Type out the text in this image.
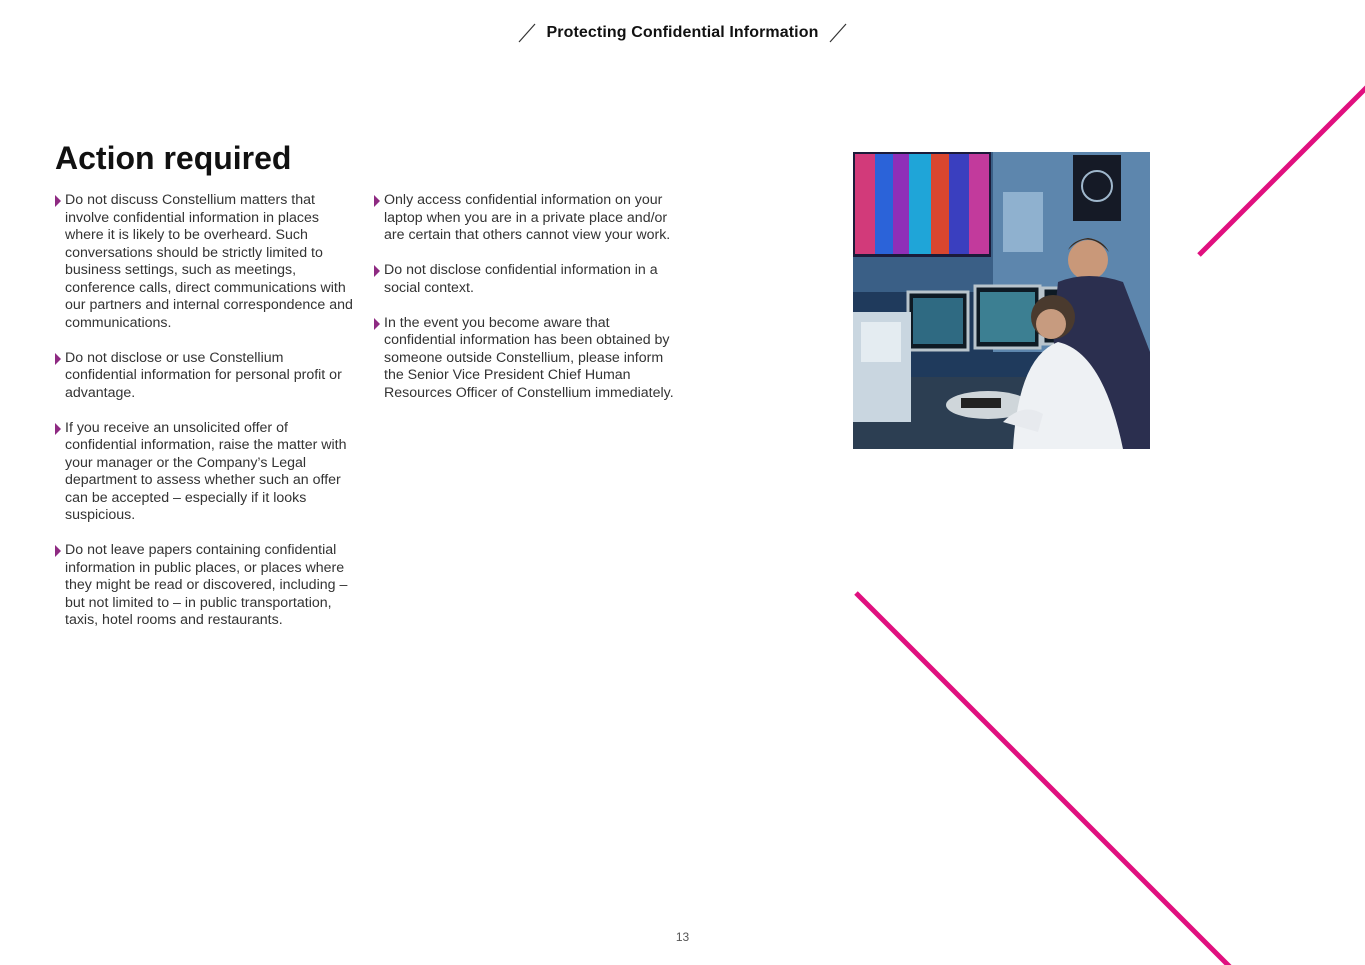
Protecting Confidential Information
Action required
Do not discuss Constellium matters that involve confidential information in places where it is likely to be overheard. Such conversations should be strictly limited to business settings, such as meetings, conference calls, direct communications with our partners and internal correspondence and communications.
Do not disclose or use Constellium confidential information for personal profit or advantage.
If you receive an unsolicited offer of confidential information, raise the matter with your manager or the Company’s Legal department to assess whether such an offer can be accepted – especially if it looks suspicious.
Do not leave papers containing confidential information in public places, or places where they might be read or discovered, including – but not limited to – in public transportation, taxis, hotel rooms and restaurants.
Only access confidential information on your laptop when you are in a private place and/or are certain that others cannot view your work.
Do not disclose confidential information in a social context.
In the event you become aware that confidential information has been obtained by someone outside Constellium, please inform the Senior Vice President Chief Human Resources Officer of Constellium immediately.
13
